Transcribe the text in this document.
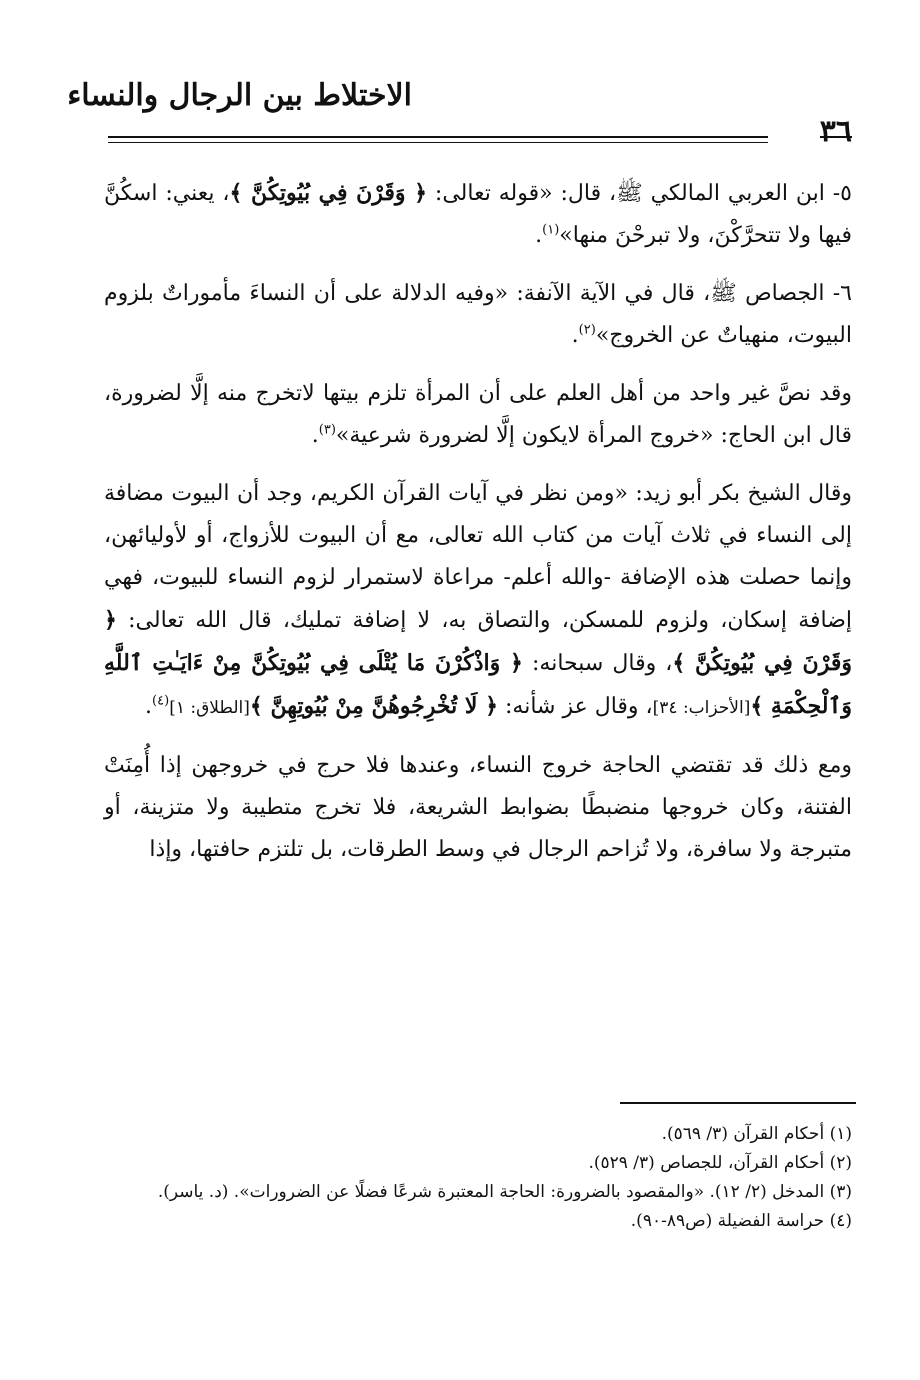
الاختلاط بين الرجال والنساء
٣٦

٥- ابن العربي المالكي ﷺ، قال: «قوله تعالى: ﴿ وَقَرْنَ فِي بُيُوتِكُنَّ ﴾، يعني: اسكُنَّ فيها ولا تتحرَّكْنَ، ولا تبرحْنَ منها»$^{(١)}$.

٦- الجصاص ﷺ، قال في الآية الآنفة: «وفيه الدلالة على أن النساءَ مأموراتٌ بلزوم البيوت، منهياتٌ عن الخروج»$^{(٢)}$.

وقد نصَّ غير واحد من أهل العلم على أن المرأة تلزم بيتها لاتخرج منه إلَّا لضرورة، قال ابن الحاج: «خروج المرأة لايكون إلَّا لضرورة شرعية»$^{(٣)}$.

وقال الشيخ بكر أبو زيد: «ومن نظر في آيات القرآن الكريم، وجد أن البيوت مضافة إلى النساء في ثلاث آيات من كتاب الله تعالى، مع أن البيوت للأزواج، أو لأوليائهن، وإنما حصلت هذه الإضافة -والله أعلم- مراعاة لاستمرار لزوم النساء للبيوت، فهي إضافة إسكان، ولزوم للمسكن، والتصاق به، لا إضافة تمليك، قال الله تعالى: ﴿ وَقَرْنَ فِي بُيُوتِكُنَّ ﴾، وقال سبحانه: ﴿ وَاذْكُرْنَ مَا يُتْلَى فِي بُيُوتِكُنَّ مِنْ ءَايَـٰتِ ٱللَّهِ وَٱلْحِكْمَةِ ﴾[الأحزاب: ٣٤]، وقال عز شأنه: ﴿ لَا تُخْرِجُوهُنَّ مِنْ بُيُوتِهِنَّ ﴾[الطلاق: ١]$^{(٤)}$.

ومع ذلك قد تقتضي الحاجة خروج النساء، وعندها فلا حرج في خروجهن إذا أُمِنَتْ الفتنة، وكان خروجها منضبطًا بضوابط الشريعة، فلا تخرج متطيبة ولا متزينة، أو متبرجة ولا سافرة، ولا تُزاحم الرجال في وسط الطرقات، بل تلتزم حافتها، وإذا

(١) أحكام القرآن (٣/ ٥٦٩).
(٢) أحكام القرآن، للجصاص (٣/ ٥٢٩).
(٣) المدخل (٢/ ١٢). «والمقصود بالضرورة: الحاجة المعتبرة شرعًا فضلًا عن الضرورات». (د. ياسر).
(٤) حراسة الفضيلة (ص٨٩-٩٠).
